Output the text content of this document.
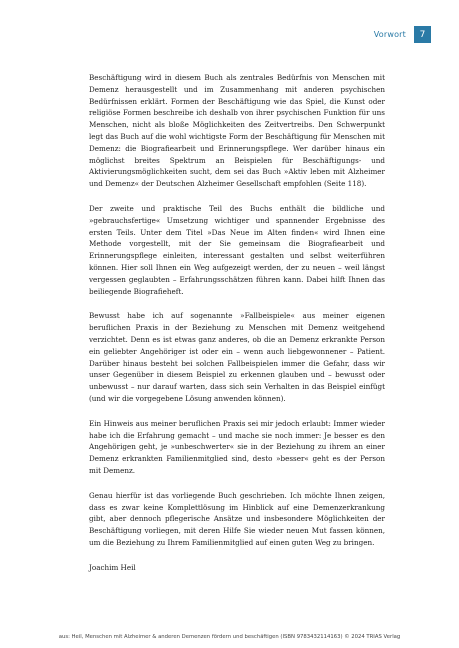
Vorwort	7

Beschäftigung wird in diesem Buch als zentrales Bedürfnis von Menschen mit Demenz herausgestellt und im Zusammenhang mit anderen psychischen Bedürfnissen erklärt. Formen der Beschäftigung wie das Spiel, die Kunst oder religiöse Formen beschreibe ich deshalb von ihrer psychischen Funktion für uns Menschen, nicht als bloße Möglichkeiten des Zeitvertreibs. Den Schwerpunkt legt das Buch auf die wohl wichtigste Form der Beschäftigung für Menschen mit Demenz: die Biografiearbeit und Erinnerungspflege. Wer darüber hinaus ein möglichst breites Spektrum an Beispielen für Beschäftigungs- und Aktivierungsmöglichkeiten sucht, dem sei das Buch »Aktiv leben mit Alzheimer und Demenz« der Deutschen Alzheimer Gesellschaft empfohlen (Seite 118).

Der zweite und praktische Teil des Buchs enthält die bildliche und »gebrauchsfertige« Umsetzung wichtiger und spannender Ergebnisse des ersten Teils. Unter dem Titel »Das Neue im Alten finden« wird Ihnen eine Methode vorgestellt, mit der Sie gemeinsam die Biografiearbeit und Erinnerungspflege einleiten, interessant gestalten und selbst weiterführen können. Hier soll Ihnen ein Weg aufgezeigt werden, der zu neuen – weil längst vergessen geglaubten – Erfahrungsschätzen führen kann. Dabei hilft Ihnen das beiliegende Biografieheft.

Bewusst habe ich auf sogenannte »Fallbeispiele« aus meiner eigenen beruflichen Praxis in der Beziehung zu Menschen mit Demenz weitgehend verzichtet. Denn es ist etwas ganz anderes, ob die an Demenz erkrankte Person ein geliebter Angehöriger ist oder ein – wenn auch liebgewonnener – Patient. Darüber hinaus besteht bei solchen Fallbeispielen immer die Gefahr, dass wir unser Gegenüber in diesem Beispiel zu erkennen glauben und – bewusst oder unbewusst – nur darauf warten, dass sich sein Verhalten in das Beispiel einfügt (und wir die vorgegebene Lösung anwenden können).

Ein Hinweis aus meiner beruflichen Praxis sei mir jedoch erlaubt: Immer wieder habe ich die Erfahrung gemacht – und mache sie noch immer: Je besser es den Angehörigen geht, je »unbeschwerter« sie in der Beziehung zu ihrem an einer Demenz erkrankten Familienmitglied sind, desto »besser« geht es der Person mit Demenz.

Genau hierfür ist das vorliegende Buch geschrieben. Ich möchte Ihnen zeigen, dass es zwar keine Komplettlösung im Hinblick auf eine Demenzerkrankung gibt, aber dennoch pflegerische Ansätze und insbesondere Möglichkeiten der Beschäftigung vorliegen, mit deren Hilfe Sie wieder neuen Mut fassen können, um die Beziehung zu Ihrem Familienmitglied auf einen guten Weg zu bringen.

Joachim Heil

aus: Heil, Menschen mit Alzheimer & anderen Demenzen fördern und beschäftigen (ISBN 9783432114163) © 2024 TRIAS Verlag
